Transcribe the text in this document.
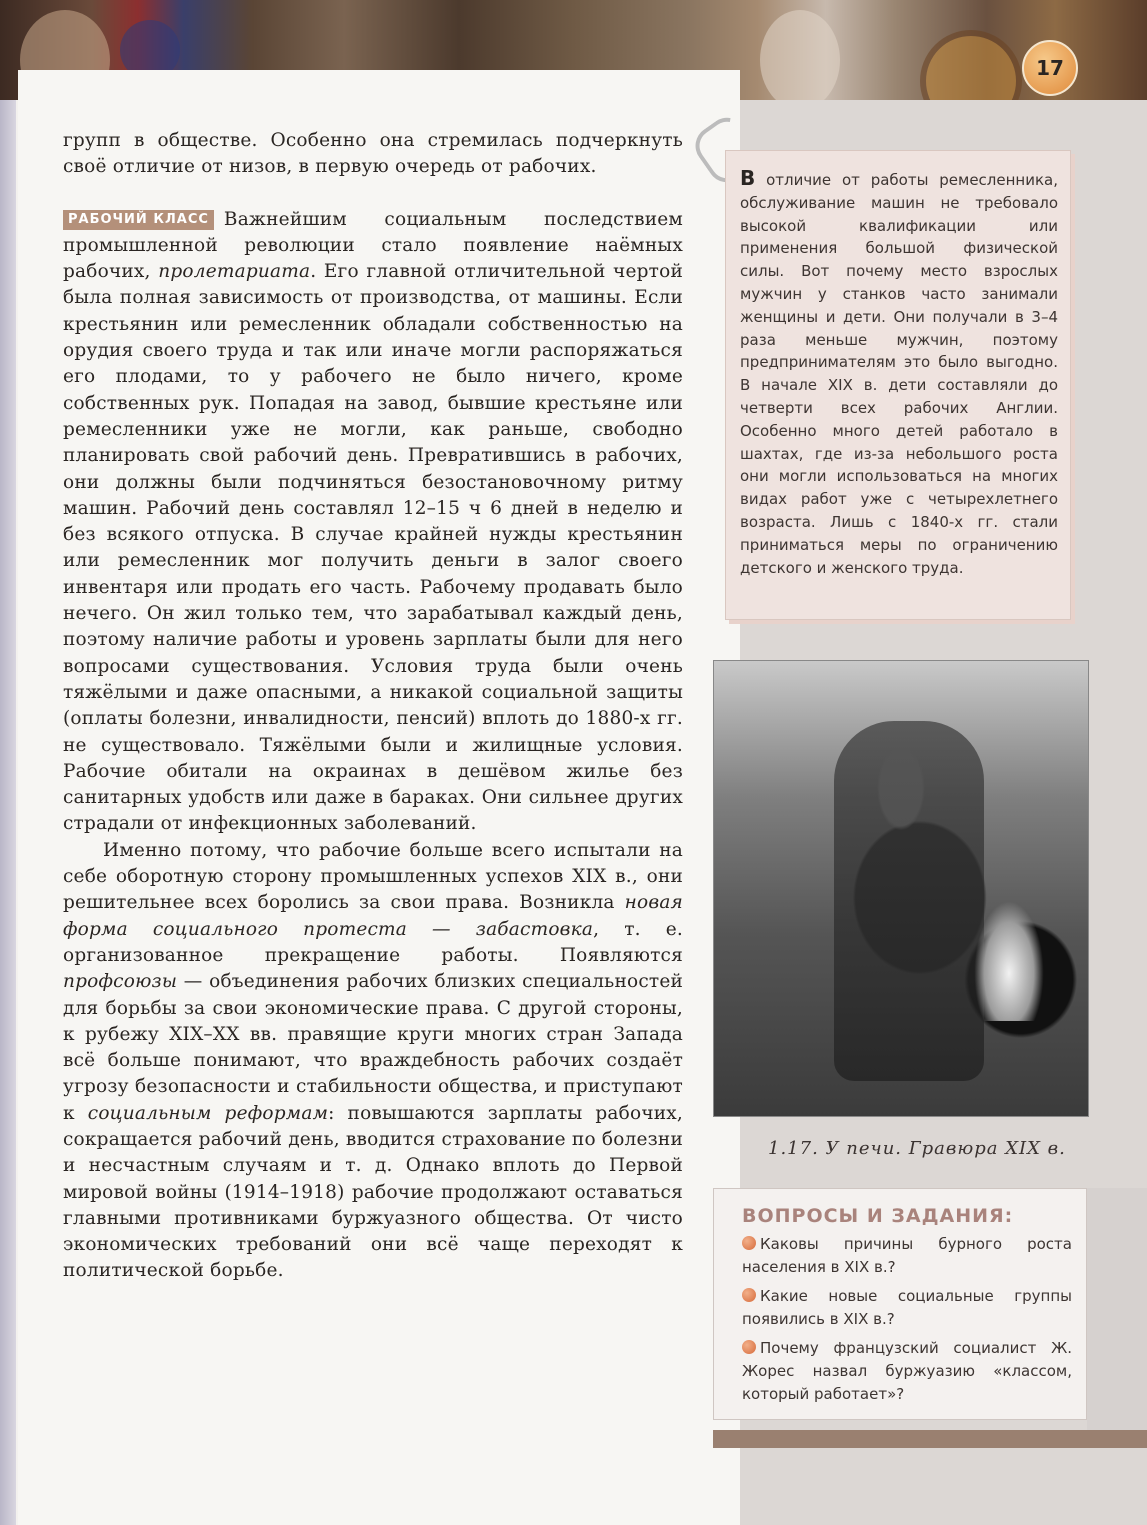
17

групп в обществе. Особенно она стремилась подчеркнуть своё отличие от низов, в первую очередь от рабочих.

РАБОЧИЙ КЛАСС Важнейшим социальным последствием промышленной революции стало появление наёмных рабочих, пролетариата. Его главной отличительной чертой была полная зависимость от производства, от машины. Если крестьянин или ремесленник обладали собственностью на орудия своего труда и так или иначе могли распоряжаться его плодами, то у рабочего не было ничего, кроме собственных рук. Попадая на завод, бывшие крестьяне или ремесленники уже не могли, как раньше, свободно планировать свой рабочий день. Превратившись в рабочих, они должны были подчиняться безостановочному ритму машин. Рабочий день составлял 12–15 ч 6 дней в неделю и без всякого отпуска. В случае крайней нужды крестьянин или ремесленник мог получить деньги в залог своего инвентаря или продать его часть. Рабочему продавать было нечего. Он жил только тем, что зарабатывал каждый день, поэтому наличие работы и уровень зарплаты были для него вопросами существования. Условия труда были очень тяжёлыми и даже опасными, а никакой социальной защиты (оплаты болезни, инвалидности, пенсий) вплоть до 1880-х гг. не существовало. Тяжёлыми были и жилищные условия. Рабочие обитали на окраинах в дешёвом жилье без санитарных удобств или даже в бараках. Они сильнее других страдали от инфекционных заболеваний.

Именно потому, что рабочие больше всего испытали на себе оборотную сторону промышленных успехов XIX в., они решительнее всех боролись за свои права. Возникла новая форма социального протеста — забастовка, т. е. организованное прекращение работы. Появляются профсоюзы — объединения рабочих близких специальностей для борьбы за свои экономические права. С другой стороны, к рубежу XIX–XX вв. правящие круги многих стран Запада всё больше понимают, что враждебность рабочих создаёт угрозу безопасности и стабильности общества, и приступают к социальным реформам: повышаются зарплаты рабочих, сокращается рабочий день, вводится страхование по болезни и несчастным случаям и т. д. Однако вплоть до Первой мировой войны (1914–1918) рабочие продолжают оставаться главными противниками буржуазного общества. От чисто экономических требований они всё чаще переходят к политической борьбе.

В отличие от работы ремесленника, обслуживание машин не требовало высокой квалификации или применения большой физической силы. Вот почему место взрослых мужчин у станков часто занимали женщины и дети. Они получали в 3–4 раза меньше мужчин, поэтому предпринимателям это было выгодно. В начале XIX в. дети составляли до четверти всех рабочих Англии. Особенно много детей работало в шахтах, где из-за небольшого роста они могли использоваться на многих видах работ уже с четырехлетнего возраста. Лишь с 1840-х гг. стали приниматься меры по ограничению детского и женского труда.
1.17. У печи. Гравюра XIX в.
ВОПРОСЫ И ЗАДАНИЯ:
Каковы причины бурного роста населения в XIX в.?
Какие новые социальные группы появились в XIX в.?
Почему французский социалист Ж. Жорес назвал буржуазию «классом, который работает»?
